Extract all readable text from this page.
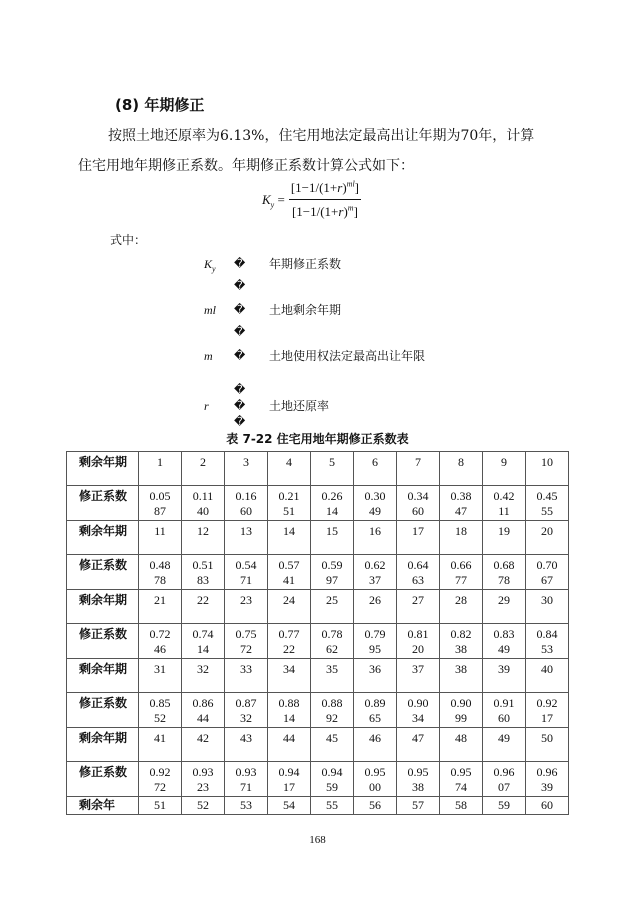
(8) 年期修正
按照土地还原率为6.13%，住宅用地法定最高出让年期为70年，计算
住宅用地年期修正系数。年期修正系数计算公式如下：
$K_y = \frac{[1-1/(1+r)^{ml}]}{[1-1/(1+r)^m]}$
式中：
$K_y$	�	年期修正系数
�
ml	�	土地剩余年期
�
m	�	土地使用权法定最高出让年限
�
r	�	土地还原率
�
表 7-22 住宅用地年期修正系数表
剩余年期	1	2	3	4	5	6	7	8	9	10
修正系数	0.0587	0.1140	0.1660	0.2151	0.2614	0.3049	0.3460	0.3847	0.4211	0.4555
剩余年期	11	12	13	14	15	16	17	18	19	20
修正系数	0.4878	0.5183	0.5471	0.5741	0.5997	0.6237	0.6463	0.6677	0.6878	0.7067
剩余年期	21	22	23	24	25	26	27	28	29	30
修正系数	0.7246	0.7414	0.7572	0.7722	0.7862	0.7995	0.8120	0.8238	0.8349	0.8453
剩余年期	31	32	33	34	35	36	37	38	39	40
修正系数	0.8552	0.8644	0.8732	0.8814	0.8892	0.8965	0.9034	0.9099	0.9160	0.9217
剩余年期	41	42	43	44	45	46	47	48	49	50
修正系数	0.9272	0.9323	0.9371	0.9417	0.9459	0.9500	0.9538	0.9574	0.9607	0.9639
剩余年	51	52	53	54	55	56	57	58	59	60
168
